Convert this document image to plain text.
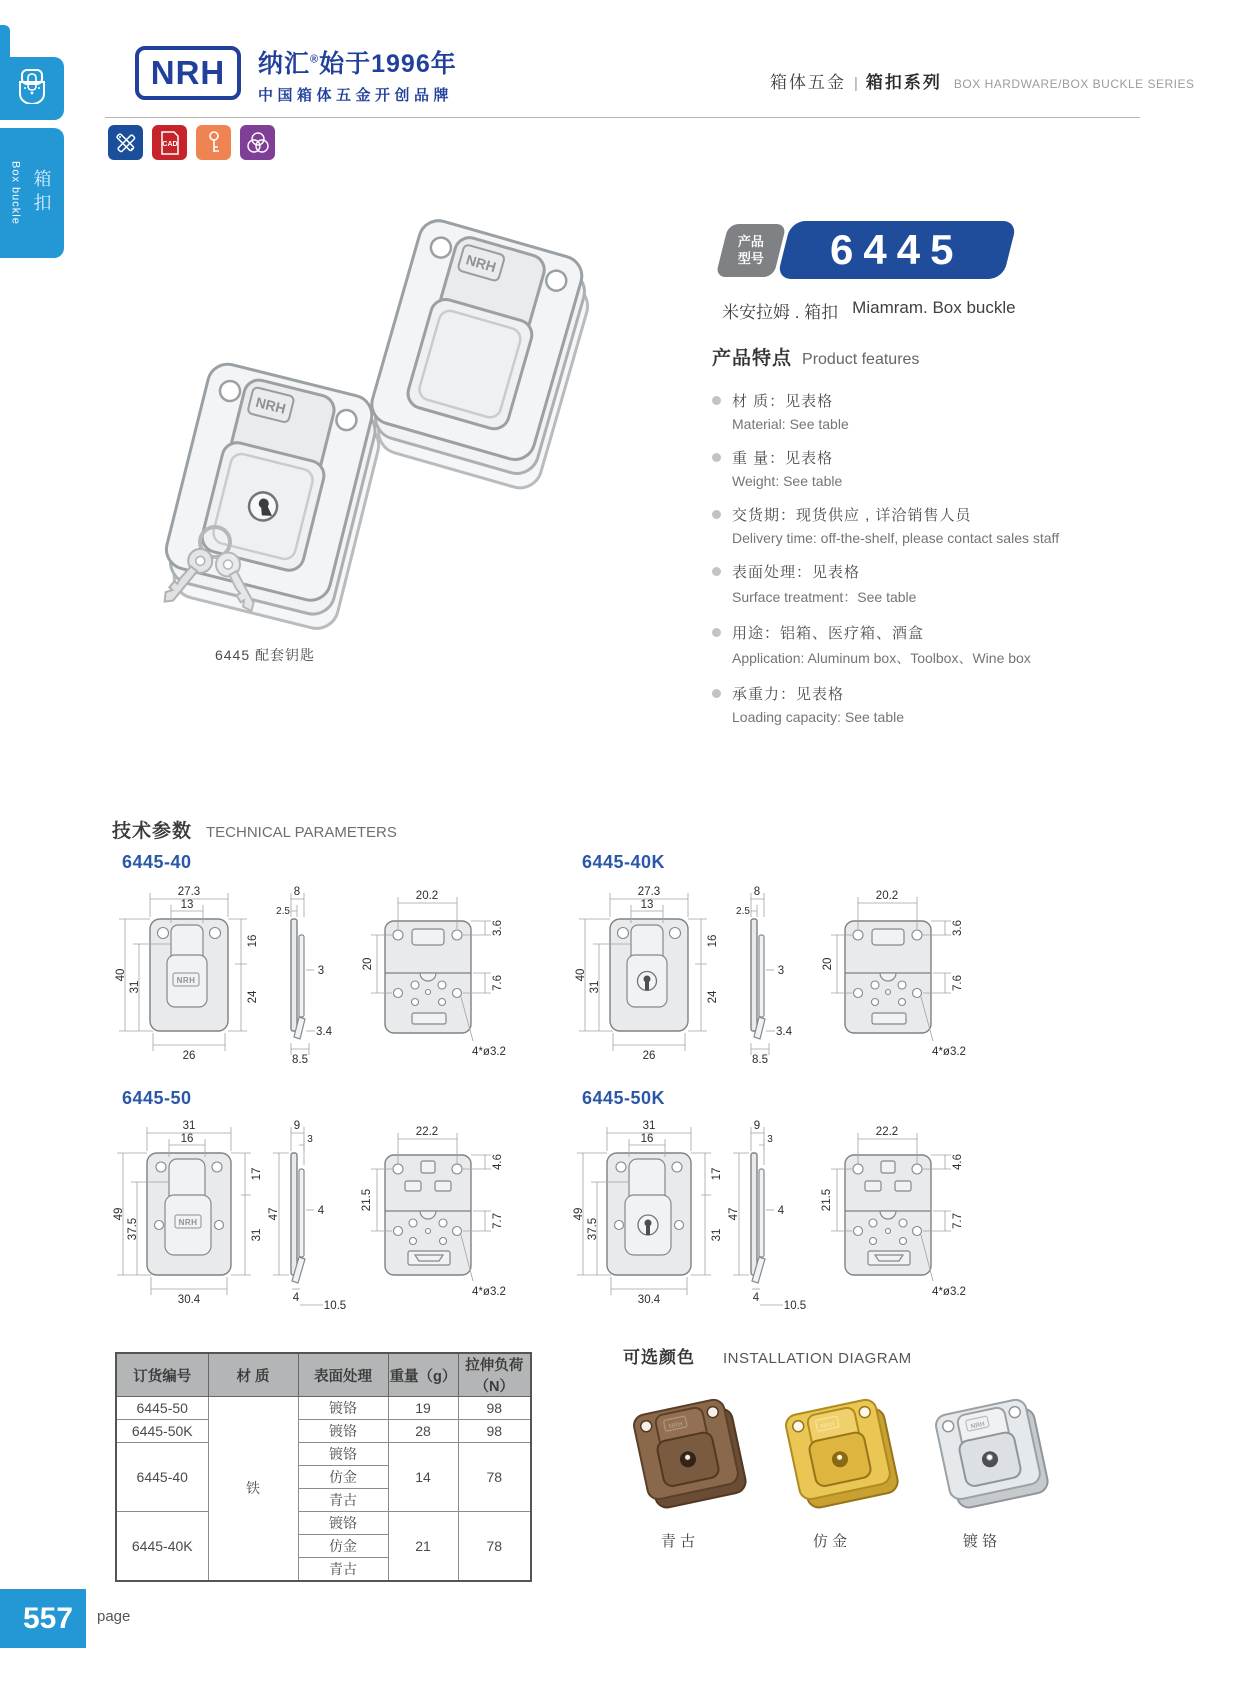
Box buckle 箱扣
NRH 纳汇®始于1996年
中国箱体五金开创品牌
箱体五金 | 箱扣系列 BOX HARDWARE/BOX BUCKLE SERIES
CAD
NRH
NRH
6445 配套钥匙
产品
型号 6445
米安拉姆 . 箱扣 Miamram. Box buckle
产品特点 Product features
材 质：见表格
Material: See table
重 量：见表格
Weight: See table
交货期：现货供应 , 详洽销售人员
Delivery time: off-the-shelf, please contact sales staff
表面处理：见表格
Surface treatment：See table
用途：铝箱、医疗箱、酒盒
Application: Aluminum box、Toolbox、Wine box
承重力：见表格
Loading capacity: See table
技术参数 TECHNICAL PARAMETERS
6445-40
NRH
27.3
13
40
31
16
24
26
8
2.5
3
3.4
8.5
20.2
3.6
20
7.6
4*ø3.2
6445-40K
27.3
13
40
31
16
24
26
8
2.5
3
3.4
8.5
20.2
3.6
20
7.6
4*ø3.2
6445-50
NRH
31
16
49
37.5
17
31
30.4
9
3
47	4
4
10.5
22.2
4.6
21.5
7.7
4*ø3.2
6445-50K
31
16
49
37.5
17
31
30.4
9
3
47	4
4
10.5
22.2
4.6
21.5
7.7
4*ø3.2
订货编号	材 质	表面处理	重量（g）	拉伸负荷（N）
6445-50	铁	镀铬	19	98
6445-50K		镀铬	28	98
6445-40		镀铬	14	78
		仿金		
		青古		
6445-40K		镀铬	21	78
		仿金		
		青古		
可选颜色 INSTALLATION DIAGRAM
NRH	NRH	NRH
青 古	仿 金	镀 铬
557	page
